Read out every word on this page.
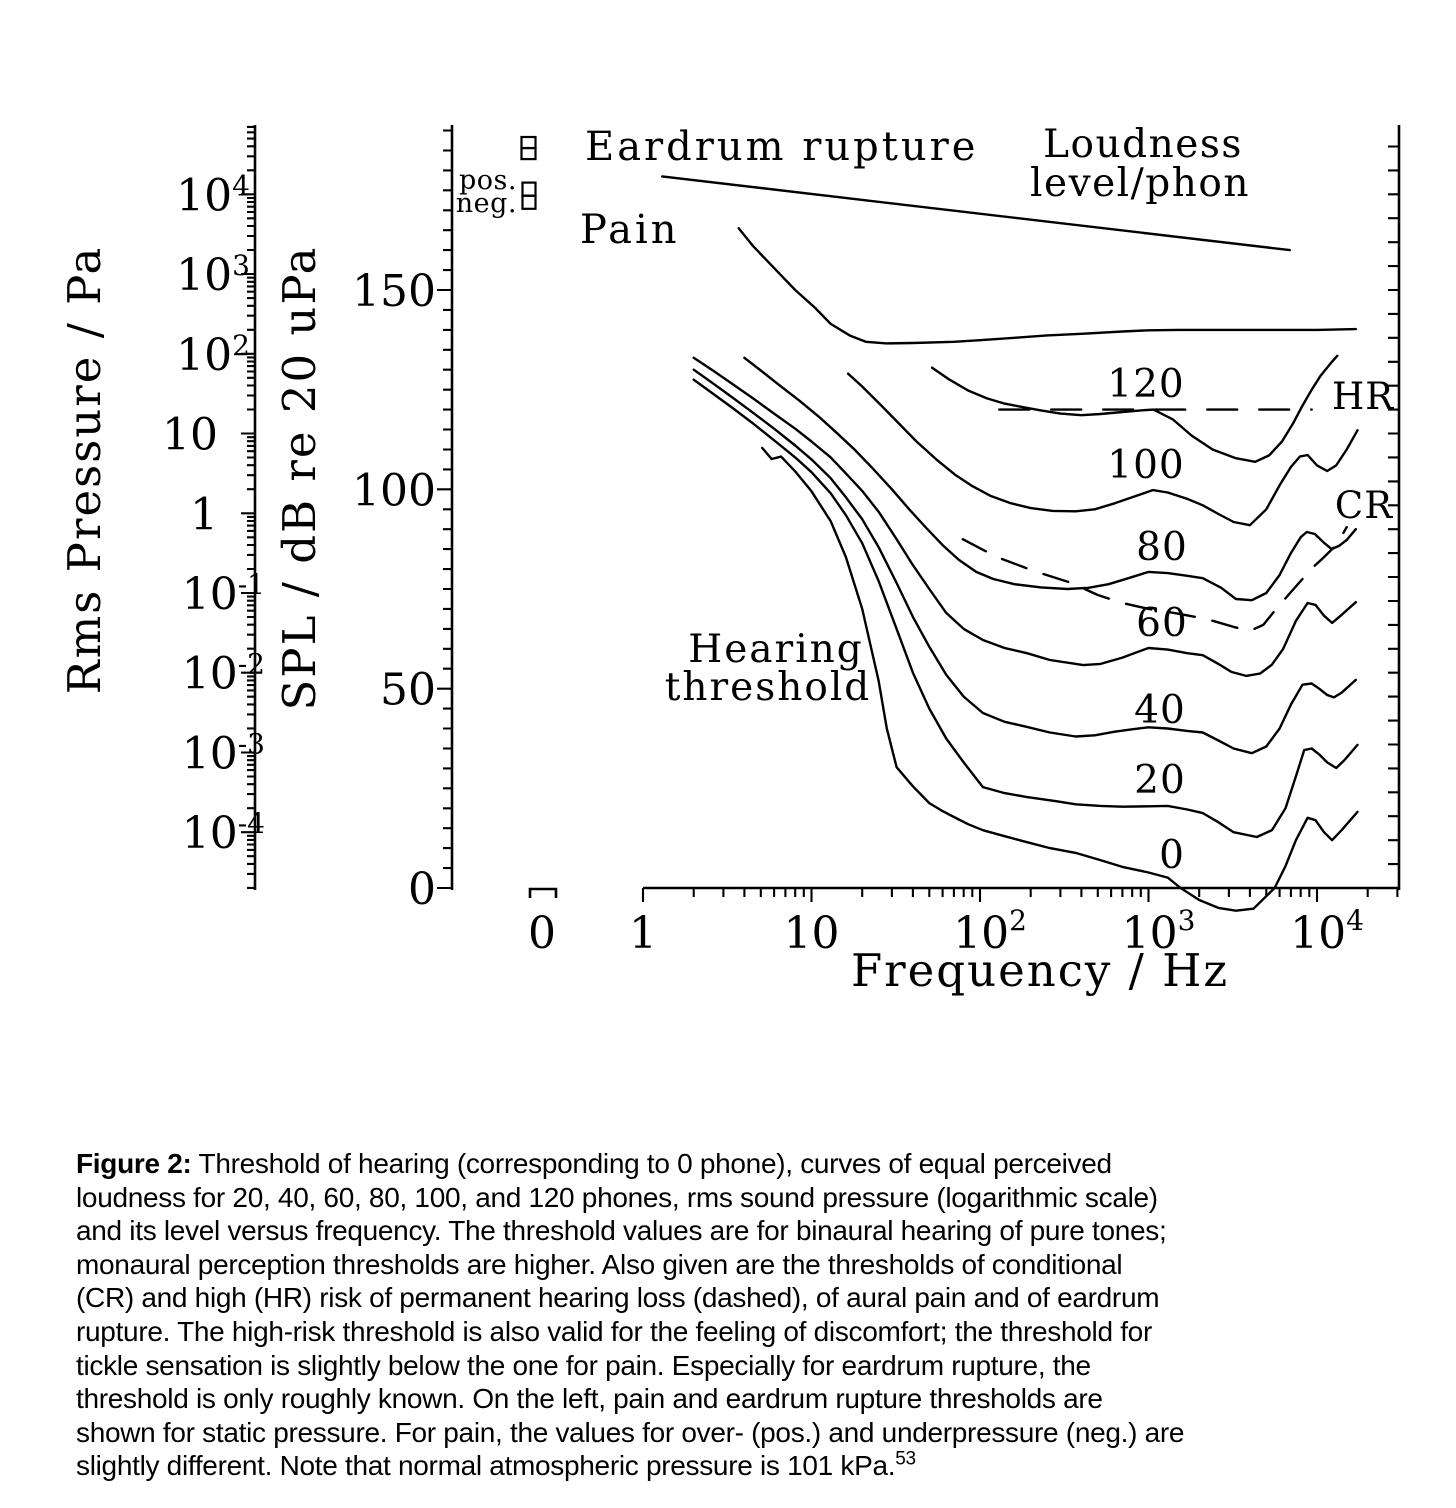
$10^4$
$10^3$
$10^2$
10
1
$10^{-1}$
$10^{-2}$
$10^{-3}$
$10^{-4}$
Rms Pressure / Pa
0
50
100
150
SPL / dB re 20 uPa
1	10	$10^2$ $10^3$ $10^4$
Frequency / Hz
0
Eardrum rupture
Pain
Loudness
level/phon
pos.
neg.
Hearing
threshold
120
100
80
60
40
20
0
HR
CR
Figure 2: Threshold of hearing (corresponding to 0 phone), curves of equal perceived
loudness for 20, 40, 60, 80, 100, and 120 phones, rms sound pressure (logarithmic scale)
and its level versus frequency. The threshold values are for binaural hearing of pure tones;
monaural perception thresholds are higher. Also given are the thresholds of conditional
(CR) and high (HR) risk of permanent hearing loss (dashed), of aural pain and of eardrum
rupture. The high-risk threshold is also valid for the feeling of discomfort; the threshold for
tickle sensation is slightly below the one for pain. Especially for eardrum rupture, the
threshold is only roughly known. On the left, pain and eardrum rupture thresholds are
shown for static pressure. For pain, the values for over- (pos.) and underpressure (neg.) are
slightly different. Note that normal atmospheric pressure is 101 kPa.$^{53}$
